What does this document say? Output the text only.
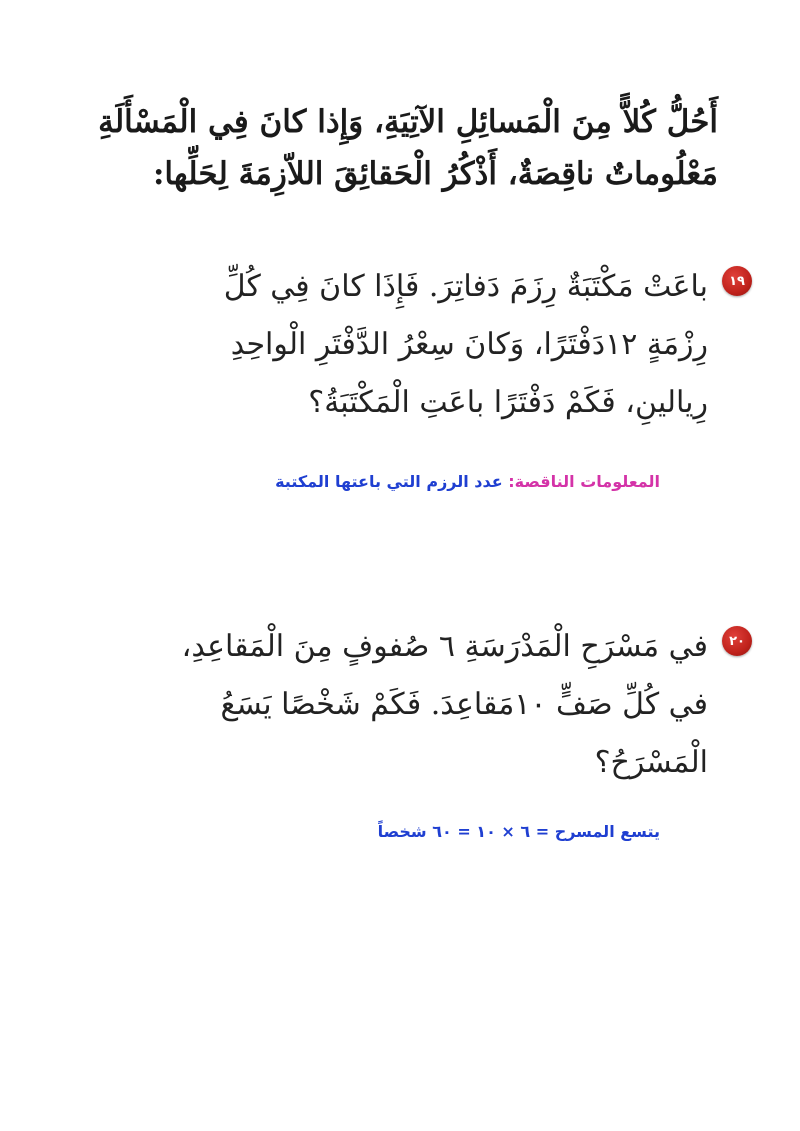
أَحُلُّ كُلاًّ مِنَ الْمَسائِلِ الآتِيَةِ، وَإِذا كانَ فِي الْمَسْأَلَةِ
مَعْلُوماتٌ ناقِصَةٌ، أَذْكُرُ الْحَقائِقَ اللاّزِمَةَ لِحَلِّها:
١٩
باعَتْ مَكْتَبَةٌ رِزَمَ دَفاتِرَ. فَإِذَا كانَ فِي كُلِّ
رِزْمَةٍ ١٢دَفْتَرًا، وَكانَ سِعْرُ الدَّفْتَرِ الْواحِدِ
رِيالينِ، فَكَمْ دَفْتَرًا باعَتِ الْمَكْتَبَةُ؟
المعلومات الناقصة: عدد الرزم التي باعتها المكتبة
٢٠
في مَسْرَحِ الْمَدْرَسَةِ ٦ صُفوفٍ مِنَ الْمَقاعِدِ،
في كُلِّ صَفٍّ ١٠مَقاعِدَ. فَكَمْ شَخْصًا يَسَعُ
الْمَسْرَحُ؟
يتسع المسرح = ٦ × ١٠ = ٦٠ شخصاً
